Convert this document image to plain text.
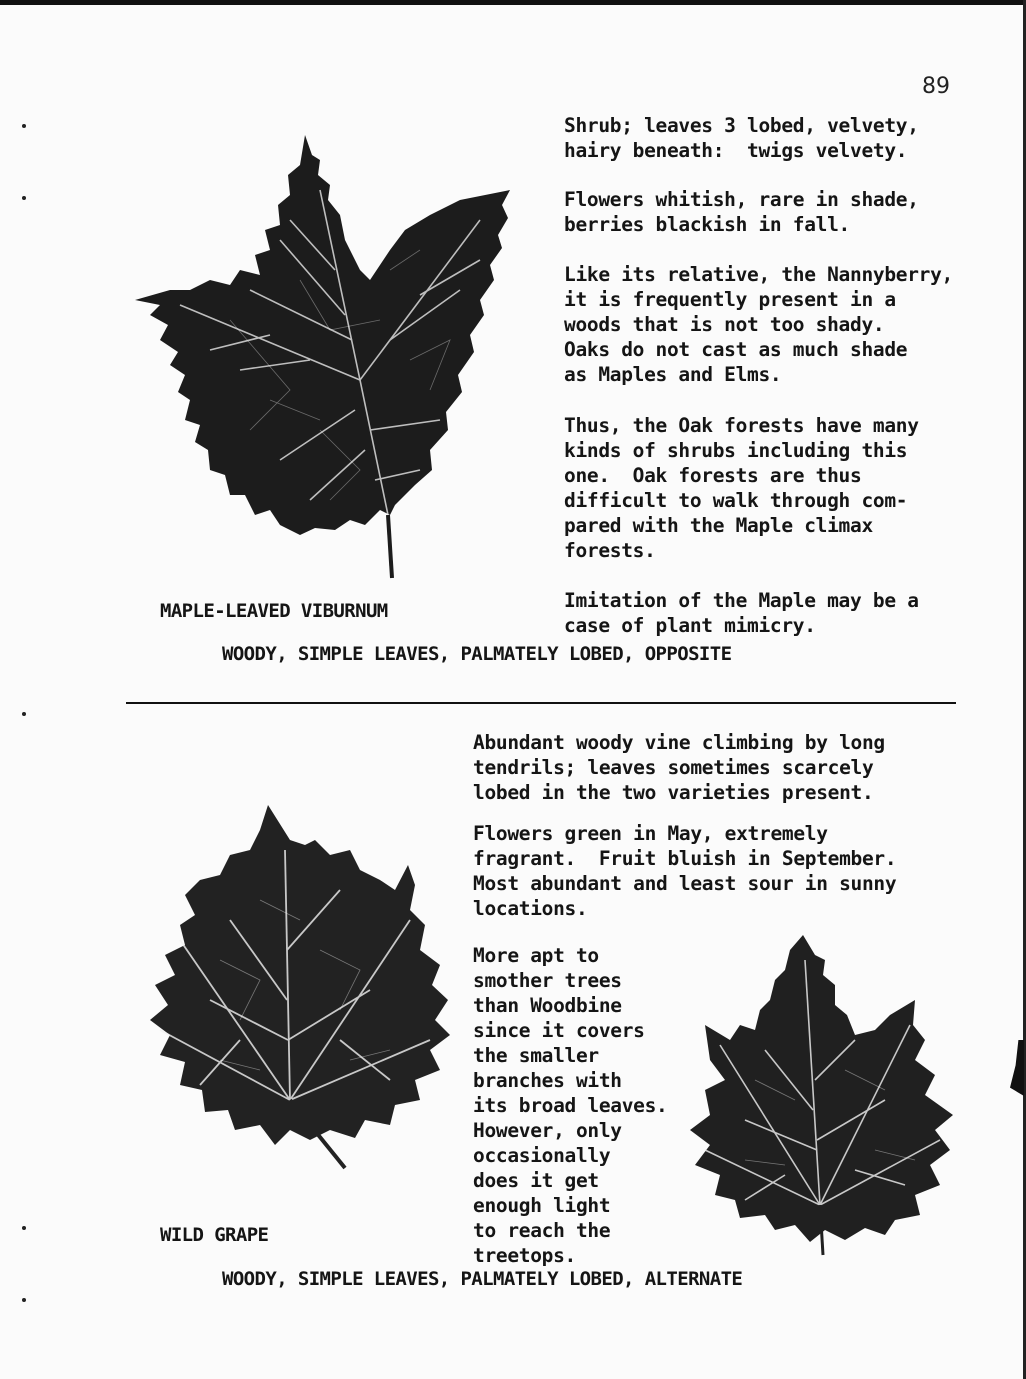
89
Shrub; leaves 3 lobed, velvety,
hairy beneath:  twigs velvety.
Flowers whitish, rare in shade,
berries blackish in fall.
Like its relative, the Nannyberry,
it is frequently present in a
woods that is not too shady.
Oaks do not cast as much shade
as Maples and Elms.
Thus, the Oak forests have many
kinds of shrubs including this
one.  Oak forests are thus
difficult to walk through com-
pared with the Maple climax
forests.
Imitation of the Maple may be a
case of plant mimicry.
MAPLE-LEAVED VIBURNUM
WOODY, SIMPLE LEAVES, PALMATELY LOBED, OPPOSITE
Abundant woody vine climbing by long
tendrils; leaves sometimes scarcely
lobed in the two varieties present.
Flowers green in May, extremely
fragrant.  Fruit bluish in September.
Most abundant and least sour in sunny
locations.
More apt to
smother trees
than Woodbine
since it covers
the smaller
branches with
its broad leaves.
However, only
occasionally
does it get
enough light
to reach the
treetops.
WILD GRAPE
WOODY, SIMPLE LEAVES, PALMATELY LOBED, ALTERNATE
